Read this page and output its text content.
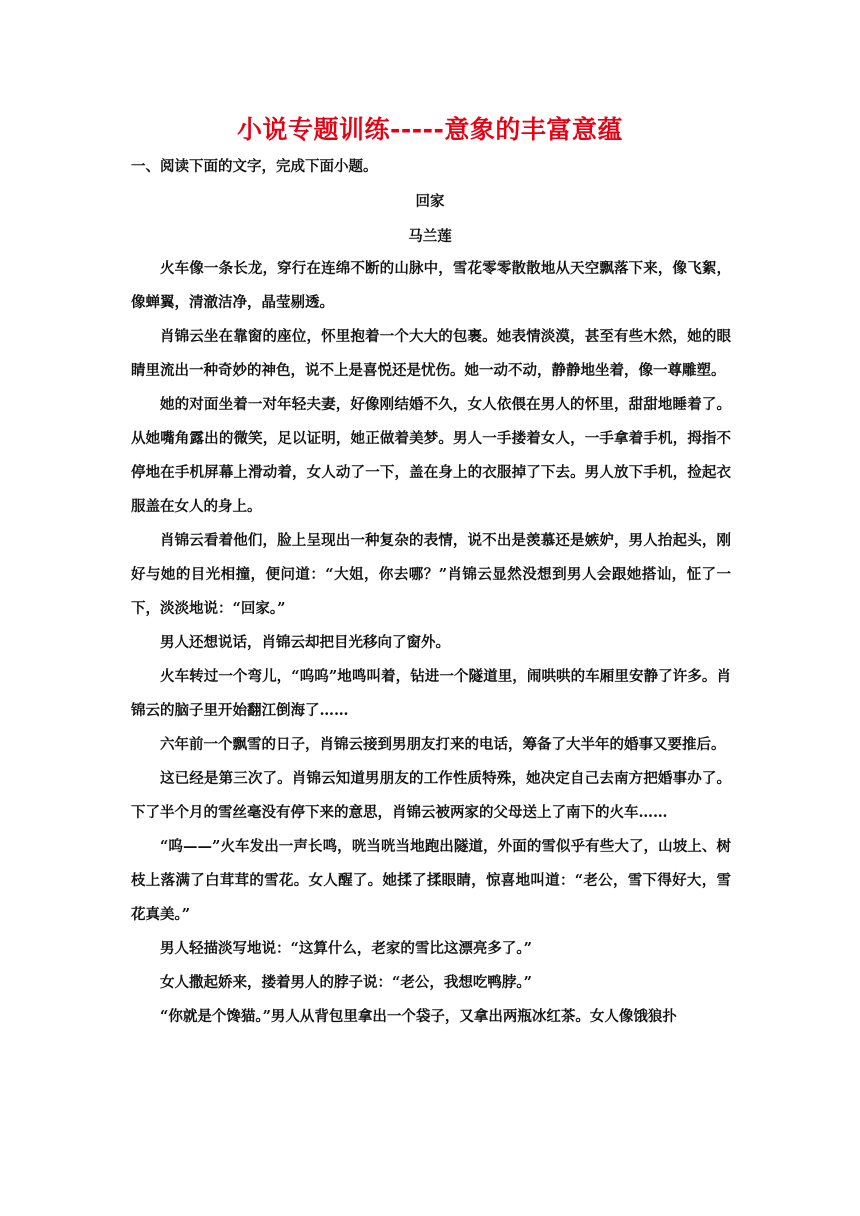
小说专题训练-----意象的丰富意蕴
一、阅读下面的文字，完成下面小题。
回家
马兰莲

火车像一条长龙，穿行在连绵不断的山脉中，雪花零零散散地从天空飘落下来，像飞絮，像蝉翼，清澈洁净，晶莹剔透。

肖锦云坐在靠窗的座位，怀里抱着一个大大的包裹。她表情淡漠，甚至有些木然，她的眼睛里流出一种奇妙的神色，说不上是喜悦还是忧伤。她一动不动，静静地坐着，像一尊雕塑。

她的对面坐着一对年轻夫妻，好像刚结婚不久，女人依偎在男人的怀里，甜甜地睡着了。从她嘴角露出的微笑，足以证明，她正做着美梦。男人一手搂着女人，一手拿着手机，拇指不停地在手机屏幕上滑动着，女人动了一下，盖在身上的衣服掉了下去。男人放下手机，捡起衣服盖在女人的身上。

肖锦云看着他们，脸上呈现出一种复杂的表情，说不出是羡慕还是嫉妒，男人抬起头，刚好与她的目光相撞，便问道：“大姐，你去哪？”肖锦云显然没想到男人会跟她搭讪，怔了一下，淡淡地说：“回家。”

男人还想说话，肖锦云却把目光移向了窗外。

火车转过一个弯儿，“呜呜”地鸣叫着，钻进一个隧道里，闹哄哄的车厢里安静了许多。肖锦云的脑子里开始翻江倒海了……

六年前一个飘雪的日子，肖锦云接到男朋友打来的电话，筹备了大半年的婚事又要推后。

这已经是第三次了。肖锦云知道男朋友的工作性质特殊，她决定自己去南方把婚事办了。下了半个月的雪丝毫没有停下来的意思，肖锦云被两家的父母送上了南下的火车……

“呜——”火车发出一声长鸣，咣当咣当地跑出隧道，外面的雪似乎有些大了，山坡上、树枝上落满了白茸茸的雪花。女人醒了。她揉了揉眼睛，惊喜地叫道：“老公，雪下得好大，雪花真美。”

男人轻描淡写地说：“这算什么，老家的雪比这漂亮多了。”

女人撒起娇来，搂着男人的脖子说：“老公，我想吃鸭脖。”

“你就是个馋猫。”男人从背包里拿出一个袋子，又拿出两瓶冰红茶。女人像饿狼扑
